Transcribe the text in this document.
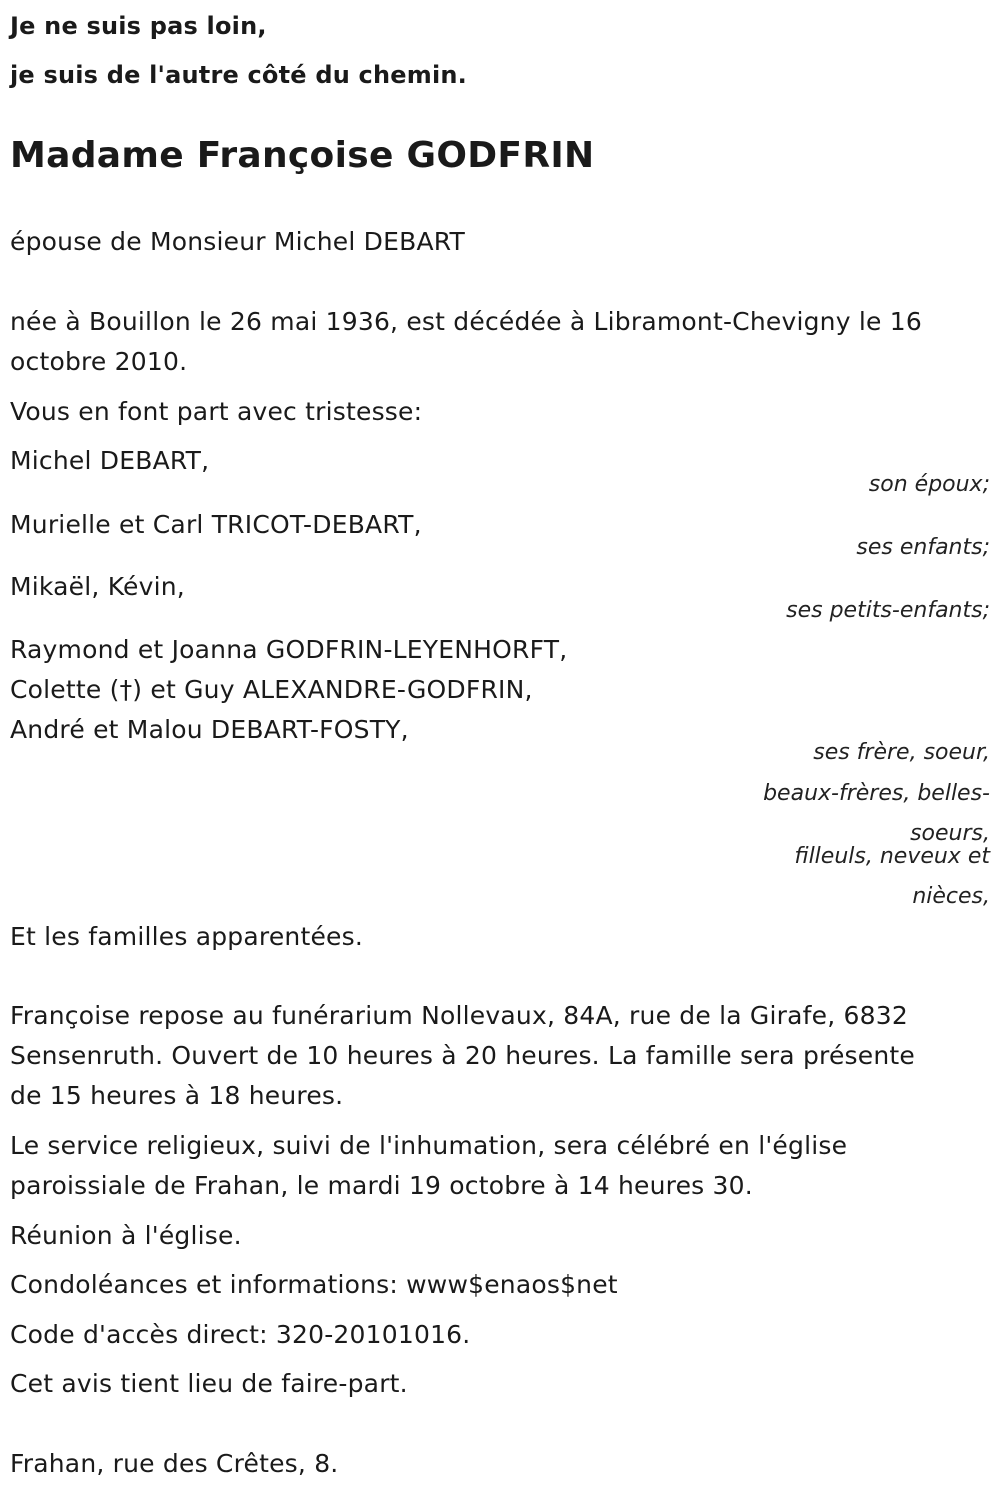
Je ne suis pas loin,
je suis de l'autre côté du chemin.
Madame Françoise GODFRIN
épouse de Monsieur Michel DEBART
née à Bouillon le 26 mai 1936, est décédée à Libramont-Chevigny le 16
octobre 2010.
Vous en font part avec tristesse:
Michel DEBART,
son époux;
Murielle et Carl TRICOT-DEBART,
ses enfants;
Mikaël, Kévin,
ses petits-enfants;
Raymond et Joanna GODFRIN-LEYENHORFT,
Colette (†) et Guy ALEXANDRE-GODFRIN,
André et Malou DEBART-FOSTY,
ses frère, soeur,
beaux-frères, belles-
soeurs,
filleuls, neveux et
nièces,
Et les familles apparentées.
Françoise repose au funérarium Nollevaux, 84A, rue de la Girafe, 6832
Sensenruth. Ouvert de 10 heures à 20 heures. La famille sera présente
de 15 heures à 18 heures.
Le service religieux, suivi de l'inhumation, sera célébré en l'église
paroissiale de Frahan, le mardi 19 octobre à 14 heures 30.
Réunion à l'église.
Condoléances et informations: www$enaos$net
Code d'accès direct: 320-20101016.
Cet avis tient lieu de faire-part.
Frahan, rue des Crêtes, 8.
